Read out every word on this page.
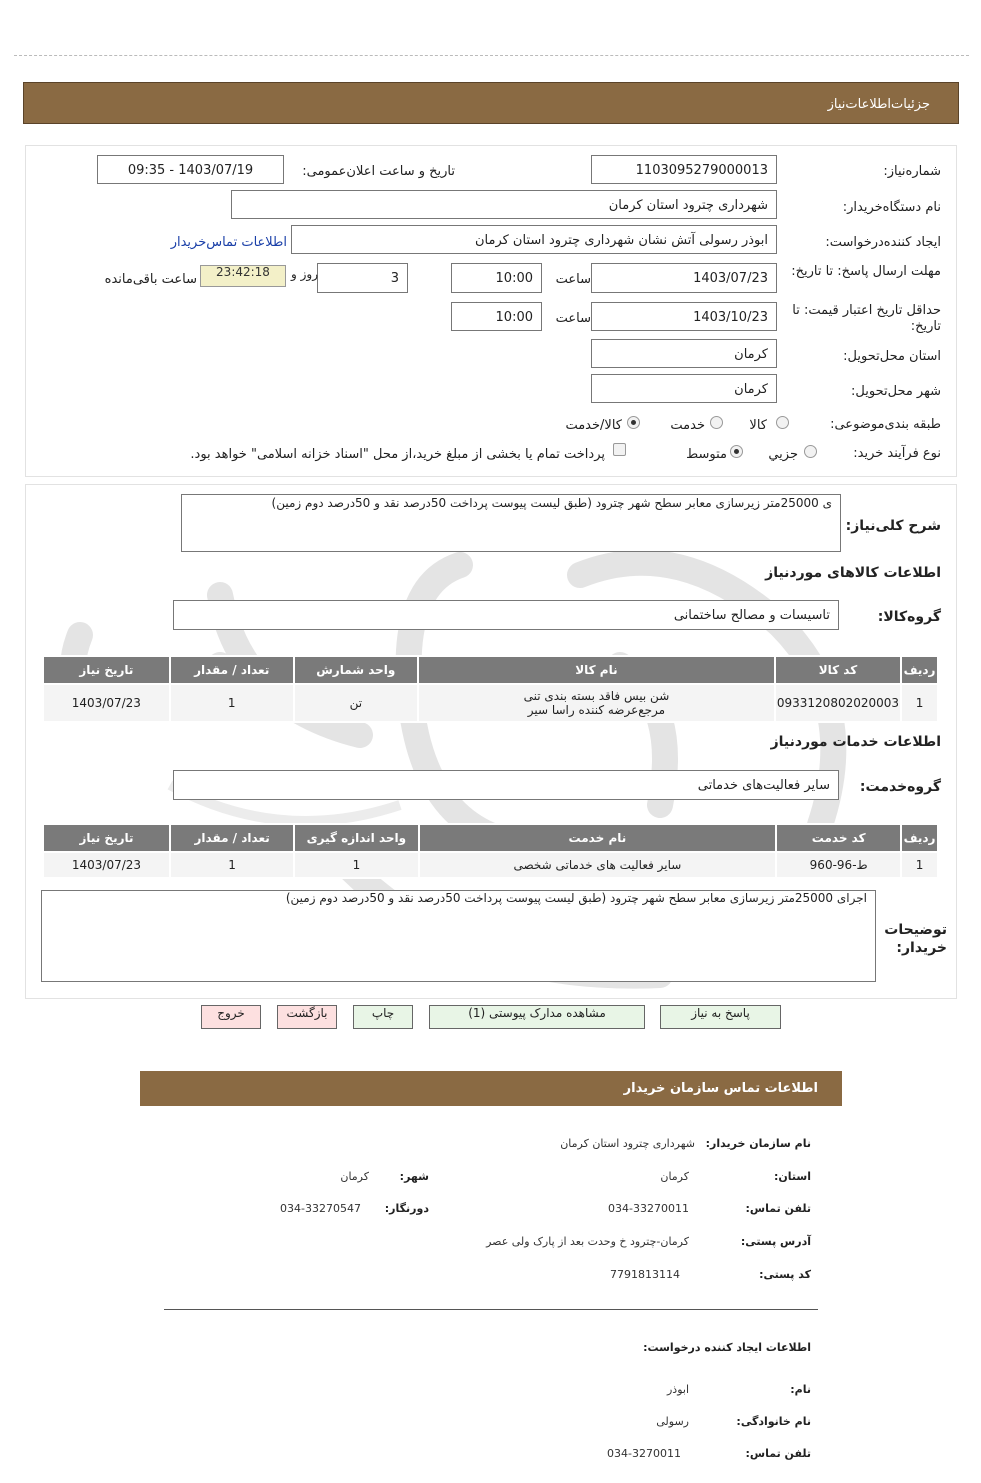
جزئیات‌اطلاعات‌نیاز
شماره‌نیاز:
1103095279000013
تاریخ و ساعت اعلان‌عمومی:
1403/07/19 - 09:35
نام دستگاه‌خریدار:
شهرداری چترود استان کرمان
ایجاد کننده‌درخواست:
ابوذر رسولی آتش نشان شهرداری چترود استان کرمان
اطلاعات تماس‌خریدار
مهلت ارسال پاسخ: تا تاریخ:
1403/07/23
ساعت
10:00
3
روز و
23:42:18
ساعت باقی‌مانده
حداقل تاریخ اعتبار قیمت: تا تاریخ:
1403/10/23
ساعت
10:00
استان محل‌تحویل:
کرمان
شهر محل‌تحویل:
کرمان
طبقه بندی‌موضوعی:
کالا
خدمت
کالا/خدمت
نوع فرآیند خرید:
جزیي
متوسط
پرداخت تمام یا بخشی از مبلغ خرید،از محل "اسناد خزانه اسلامی" خواهد بود.
شرح کلی‌نیاز:
ی 25000متر زیرسازی معابر سطح شهر چترود (طبق لیست پیوست پرداخت 50درصد نقد و 50درصد دوم زمین)
اطلاعات کالاهای موردنیاز
گروه‌کالا:
تاسیسات و مصالح ساختمانی
ردیف	کد کالا	نام کالا	واحد شمارش	تعداد / مقدار	تاریخ نیاز
1	0933120802020003	شن بیس فاقد بسته بندی تنی
مرجع‌عرضه کننده راسا سیر	تن	1	1403/07/23
اطلاعات خدمات موردنیاز
گروه‌خدمت:
سایر فعالیت‌های خدماتی
ردیف	کد خدمت	نام خدمت	واحد اندازه گیری	تعداد / مقدار	تاریخ نیاز
1	ط-96-960	سایر فعالیت های خدماتی شخصی	1	1	1403/07/23
توضیحات خریدار:
اجرای 25000متر زیرسازی معابر سطح شهر چترود (طبق لیست پیوست پرداخت 50درصد نقد و 50درصد دوم زمین)
پاسخ به نیاز
مشاهده مدارک پیوستی (1)
چاپ
بازگشت
خروج
اطلاعات تماس سازمان خریدار
نام سازمان خریدار:
شهرداری چترود استان کرمان
استان:
کرمان
شهر:
کرمان
تلفن تماس:
034-33270011
دورنگار:
034-33270547
آدرس پستی:
کرمان-چترود خ وحدت بعد از پارک ولی عصر
کد پستی:
7791813114
اطلاعات ایجاد کننده درخواست:
نام:
ابوذر
نام خانوادگی:
رسولی
تلفن تماس:
034-3270011
